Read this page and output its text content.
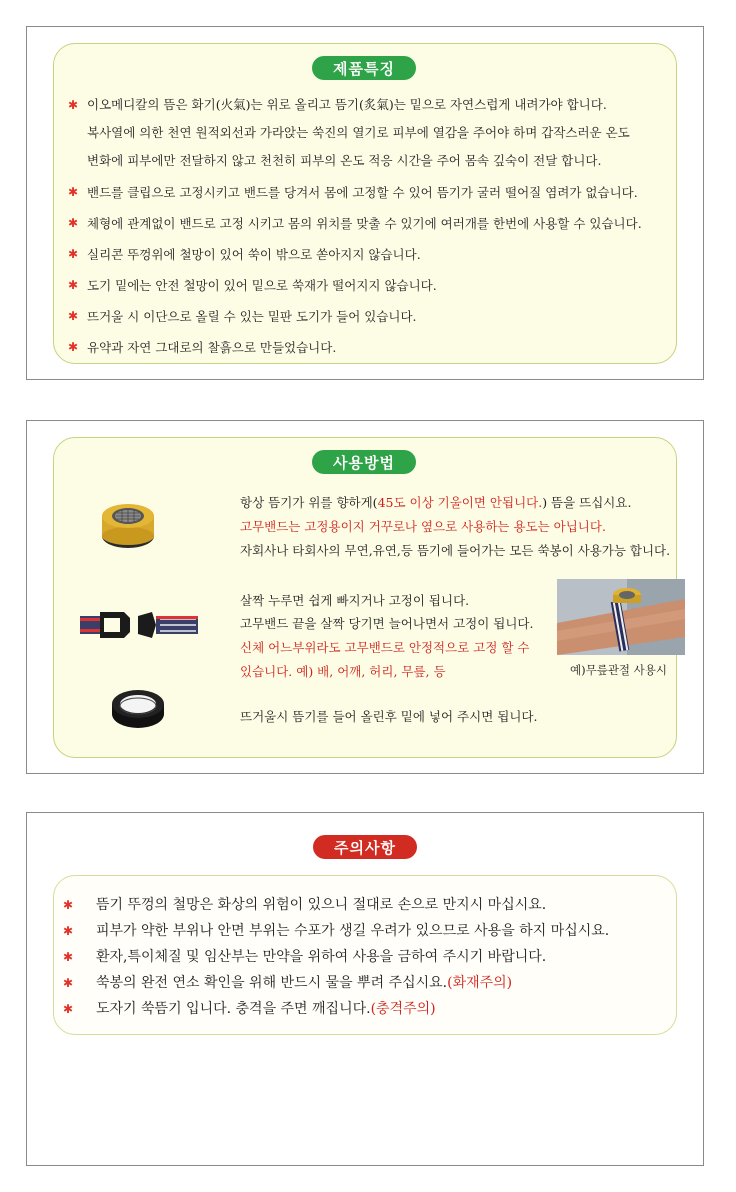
제품특징
✱ 이오메디칼의 뜸은 화기(火氣)는 위로 올리고 뜸기(炙氣)는 밑으로 자연스럽게 내려가야 합니다.
복사열에 의한 천연 원적외선과 가라앉는 쑥진의 열기로 피부에 열감을 주어야 하며 갑작스러운 온도
변화에 피부에만 전달하지 않고 천천히 피부의 온도 적응 시간을 주어 몸속 깊숙이 전달 합니다.
✱ 밴드를 클립으로 고정시키고 밴드를 당겨서 몸에 고정할 수 있어 뜸기가 굴러 떨어질 염려가 없습니다.
✱ 체형에 관계없이 밴드로 고정 시키고 몸의 위치를 맞출 수 있기에 여러개를 한번에 사용할 수 있습니다.
✱ 실리콘 뚜껑위에 철망이 있어 쑥이 밖으로 쏟아지지 않습니다.
✱ 도기 밑에는 안전 철망이 있어 밑으로 쑥재가 떨어지지 않습니다.
✱ 뜨거울 시 이단으로 올릴 수 있는 밑판 도기가 들어 있습니다.
✱ 유약과 자연 그대로의 찰흙으로 만들었습니다.
사용방법
항상 뜸기가 위를 향하게(45도 이상 기울이면 안됩니다.) 뜸을 뜨십시요.
고무밴드는 고정용이지 거꾸로나 옆으로 사용하는 용도는 아닙니다.
자회사나 타회사의 무연,유연,등 뜸기에 들어가는 모든 쑥봉이 사용가능 합니다.
살짝 누루면 쉽게 빠지거나 고정이 됩니다.
고무밴드 끝을 살짝 당기면 늘어나면서 고정이 됩니다.
신체 어느부위라도 고무밴드로 안정적으로 고정 할 수
있습니다. 예) 배, 어깨, 허리, 무릎, 등	예)무릎관절 사용시
뜨거울시 뜸기를 들어 올린후 밑에 넣어 주시면 됩니다.
주의사항
✱ 뜸기 뚜껑의 철망은 화상의 위험이 있으니 절대로 손으로 만지시 마십시요.
✱ 피부가 약한 부위나 안면 부위는 수포가 생길 우려가 있으므로 사용을 하지 마십시요.
✱ 환자,특이체질 및 임산부는 만약을 위하여 사용을 금하여 주시기 바랍니다.
✱ 쑥봉의 완전 연소 확인을 위해 반드시 물을 뿌려 주십시요.(화재주의)
✱ 도자기 쑥뜸기 입니다. 충격을 주면 깨집니다.(충격주의)
